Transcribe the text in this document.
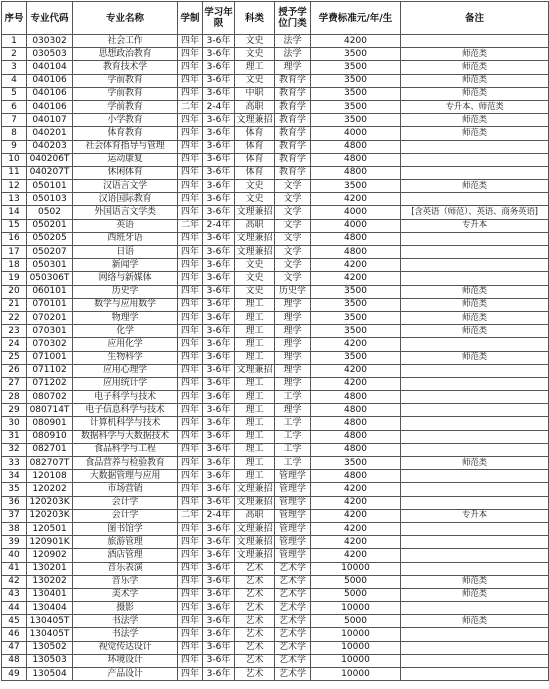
序号	专业代码	专业名称	学制	学习年限	科类	授予学位门类	学费标准元/年/生	备注
1	030302	社会工作	四年	3-6年	文史	法学	4200	
2	030503	思想政治教育	四年	3-6年	文史	法学	3500	师范类
3	040104	教育技术学	四年	3-6年	理工	理学	3500	师范类
4	040106	学前教育	四年	3-6年	文史	教育学	3500	师范类
5	040106	学前教育	四年	3-6年	中职	教育学	3500	师范类
6	040106	学前教育	二年	2-4年	高职	教育学	3500	专升本、师范类
7	040107	小学教育	四年	3-6年	文理兼招	教育学	3500	师范类
8	040201	体育教育	四年	3-6年	体育	教育学	4000	师范类
9	040203	社会体育指导与管理	四年	3-6年	体育	教育学	4800	
10	040206T	运动康复	四年	3-6年	体育	教育学	4800	
11	040207T	休闲体育	四年	3-6年	体育	教育学	4800	
12	050101	汉语言文学	四年	3-6年	文史	文学	3500	师范类
13	050103	汉语国际教育	四年	3-6年	文史	文学	4200	
14	0502	外国语言文学类	四年	3-6年	文理兼招	文学	4000	[含英语（师范）、英语、商务英语]
15	050201	英语	二年	2-4年	高职	文学	4000	专升本
16	050205	西班牙语	四年	3-6年	文理兼招	文学	4800	
17	050207	日语	四年	3-6年	文理兼招	文学	4800	
18	050301	新闻学	四年	3-6年	文史	文学	4200	
19	050306T	网络与新媒体	四年	3-6年	文史	文学	4200	
20	060101	历史学	四年	3-6年	文史	历史学	3500	师范类
21	070101	数学与应用数学	四年	3-6年	理工	理学	3500	师范类
22	070201	物理学	四年	3-6年	理工	理学	3500	师范类
23	070301	化学	四年	3-6年	理工	理学	3500	师范类
24	070302	应用化学	四年	3-6年	理工	理学	4200	
25	071001	生物科学	四年	3-6年	理工	理学	3500	师范类
26	071102	应用心理学	四年	3-6年	文理兼招	理学	4200	
27	071202	应用统计学	四年	3-6年	理工	理学	4200	
28	080702	电子科学与技术	四年	3-6年	理工	工学	4800	
29	080714T	电子信息科学与技术	四年	3-6年	理工	理学	4800	
30	080901	计算机科学与技术	四年	3-6年	理工	工学	4800	
31	080910	数据科学与大数据技术	四年	3-6年	理工	工学	4800	
32	082701	食品科学与工程	四年	3-6年	理工	工学	4800	
33	082707T	食品营养与检验教育	四年	3-6年	理工	工学	3500	师范类
34	120108	大数据管理与应用	四年	3-6年	理工	管理学	4800	
35	120202	市场营销	四年	3-6年	文理兼招	管理学	4200	
36	120203K	会计学	四年	3-6年	文理兼招	管理学	4200	
37	120203K	会计学	二年	2-4年	高职	管理学	4200	专升本
38	120501	图书馆学	四年	3-6年	文理兼招	管理学	4200	
39	120901K	旅游管理	四年	3-6年	文理兼招	管理学	4200	
40	120902	酒店管理	四年	3-6年	文理兼招	管理学	4200	
41	130201	音乐表演	四年	3-6年	艺术	艺术学	10000	
42	130202	音乐学	四年	3-6年	艺术	艺术学	5000	师范类
43	130401	美术学	四年	3-6年	艺术	艺术学	5000	师范类
44	130404	摄影	四年	3-6年	艺术	艺术学	10000	
45	130405T	书法学	四年	3-6年	艺术	艺术学	5000	师范类
46	130405T	书法学	四年	3-6年	艺术	艺术学	10000	
47	130502	视觉传达设计	四年	3-6年	艺术	艺术学	10000	
48	130503	环境设计	四年	3-6年	艺术	艺术学	10000	
49	130504	产品设计	四年	3-6年	艺术	艺术学	10000	
